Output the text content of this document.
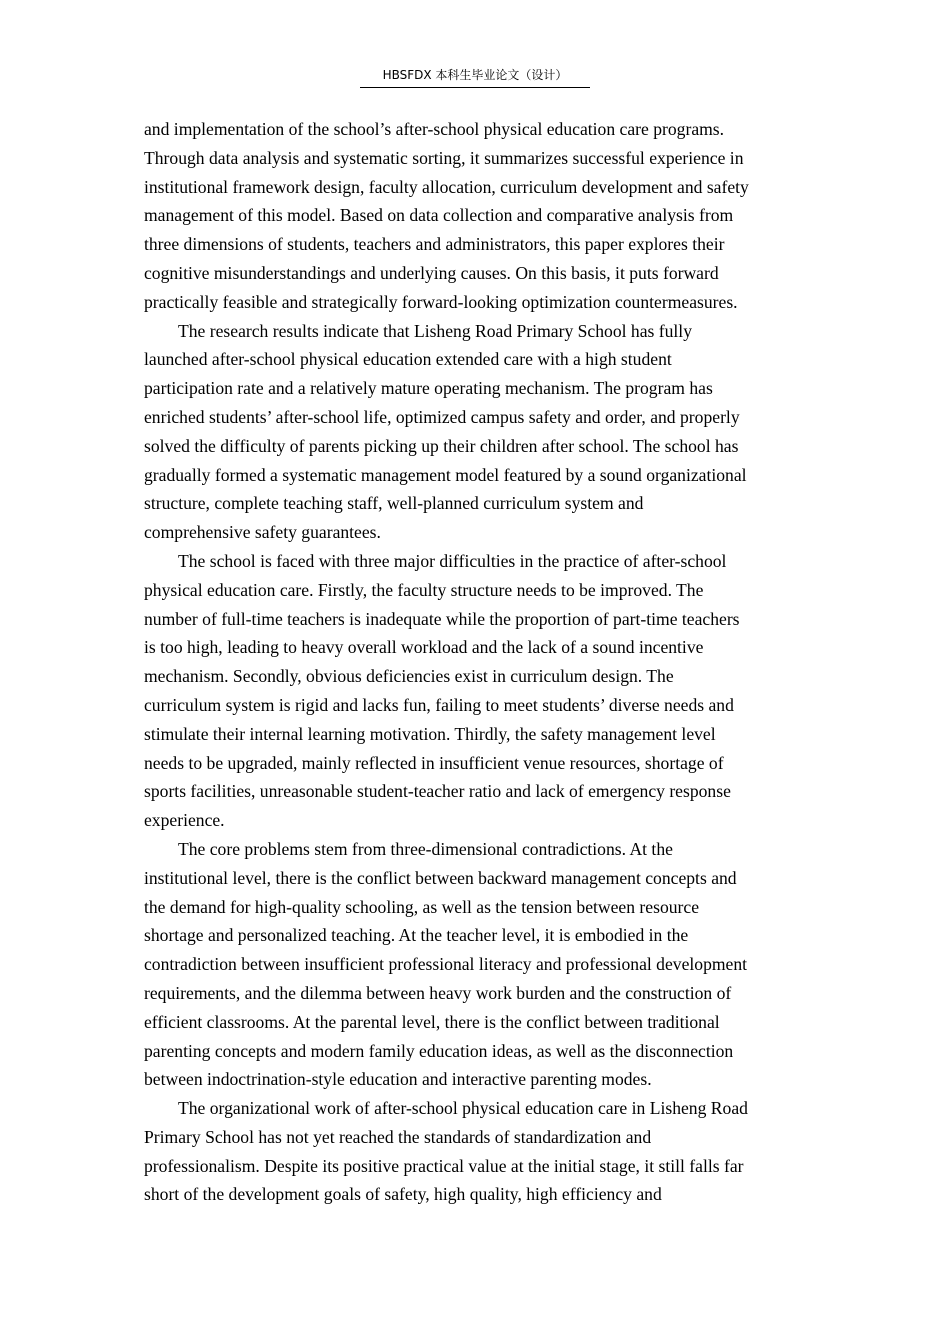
HBSFDX 本科生毕业论文（设计）

and implementation of the school’s after-school physical education care programs.
Through data analysis and systematic sorting, it summarizes successful experience in
institutional framework design, faculty allocation, curriculum development and safety
management of this model. Based on data collection and comparative analysis from
three dimensions of students, teachers and administrators, this paper explores their
cognitive misunderstandings and underlying causes. On this basis, it puts forward
practically feasible and strategically forward-looking optimization countermeasures.

The research results indicate that Lisheng Road Primary School has fully
launched after-school physical education extended care with a high student
participation rate and a relatively mature operating mechanism. The program has
enriched students’ after-school life, optimized campus safety and order, and properly
solved the difficulty of parents picking up their children after school. The school has
gradually formed a systematic management model featured by a sound organizational
structure, complete teaching staff, well-planned curriculum system and
comprehensive safety guarantees.

The school is faced with three major difficulties in the practice of after-school
physical education care. Firstly, the faculty structure needs to be improved. The
number of full-time teachers is inadequate while the proportion of part-time teachers
is too high, leading to heavy overall workload and the lack of a sound incentive
mechanism. Secondly, obvious deficiencies exist in curriculum design. The
curriculum system is rigid and lacks fun, failing to meet students’ diverse needs and
stimulate their internal learning motivation. Thirdly, the safety management level
needs to be upgraded, mainly reflected in insufficient venue resources, shortage of
sports facilities, unreasonable student-teacher ratio and lack of emergency response
experience.

The core problems stem from three-dimensional contradictions. At the
institutional level, there is the conflict between backward management concepts and
the demand for high-quality schooling, as well as the tension between resource
shortage and personalized teaching. At the teacher level, it is embodied in the
contradiction between insufficient professional literacy and professional development
requirements, and the dilemma between heavy work burden and the construction of
efficient classrooms. At the parental level, there is the conflict between traditional
parenting concepts and modern family education ideas, as well as the disconnection
between indoctrination-style education and interactive parenting modes.

The organizational work of after-school physical education care in Lisheng Road
Primary School has not yet reached the standards of standardization and
professionalism. Despite its positive practical value at the initial stage, it still falls far
short of the development goals of safety, high quality, high efficiency and
